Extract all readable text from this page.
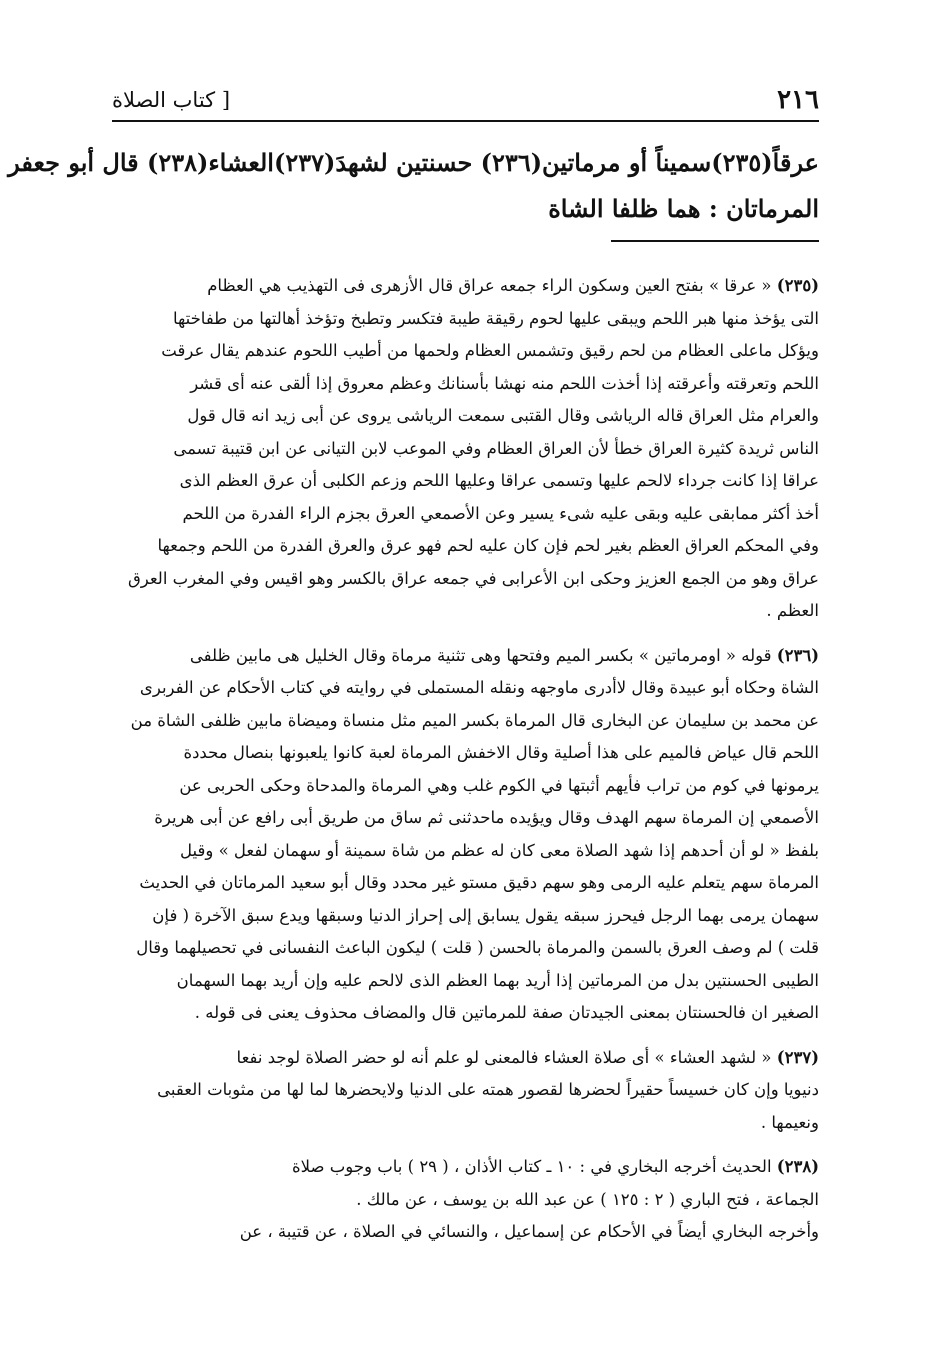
٢١٦
[ كتاب الصلاة
عرقاً(٢٣٥)سميناً أو مرماتين(٢٣٦) حسنتين لشهدَ(٢٣٧)العشاء(٢٣٨) قال أبو جعفر
المرماتان : هما ظلفا الشاة
(٢٣٥) « عرقا » بفتح العين وسكون الراء جمعه عراق قال الأزهرى فى التهذيب هي العظام
التى يؤخذ منها هبر اللحم ويبقى عليها لحوم رقيقة طيبة فتكسر وتطبخ وتؤخذ أهالتها من طفاختها
ويؤكل ماعلى العظام من لحم رقيق وتشمس العظام ولحمها من أطيب اللحوم عندهم يقال عرقت
اللحم وتعرقته وأعرقته إذا أخذت اللحم منه نهشا بأسنانك وعظم معروق إذا ألقى عنه أى قشر
والعرام مثل العراق قاله الرياشى وقال القتبى سمعت الرياشى يروى عن أبى زيد انه قال قول
الناس ثريدة كثيرة العراق خطأ لأن العراق العظام وفي الموعب لابن التيانى عن ابن قتيبة تسمى
عراقا إذا كانت جرداء لالحم عليها وتسمى عراقا وعليها اللحم وزعم الكلبى أن عرق العظم الذى
أخذ أكثر ممابقى عليه وبقى عليه شىء يسير وعن الأصمعي العرق بجزم الراء الفدرة من اللحم
وفي المحكم العراق العظم بغير لحم فإن كان عليه لحم فهو عرق والعرق الفدرة من اللحم وجمعها
عراق وهو من الجمع العزيز وحكى ابن الأعرابى في جمعه عراق بالكسر وهو اقيس وفي المغرب العرق
العظم .
(٢٣٦) قوله « اومرماتين » بكسر الميم وفتحها وهى تثنية مرماة وقال الخليل هى مابين ظلفى
الشاة وحكاه أبو عبيدة وقال لاأدرى ماوجهه ونقله المستملى في روايته في كتاب الأحكام عن الفربرى
عن محمد بن سليمان عن البخارى قال المرماة بكسر الميم مثل منساة وميضاة مابين ظلفى الشاة من
اللحم قال عياض فالميم على هذا أصلية وقال الاخفش المرماة لعبة كانوا يلعبونها بنصال محددة
يرمونها في كوم من تراب فأيهم أثبتها في الكوم غلب وهي المرماة والمدحاة وحكى الحربى عن
الأصمعي إن المرماة سهم الهدف وقال ويؤيده ماحدثنى ثم ساق من طريق أبى رافع عن أبى هريرة
بلفظ « لو أن أحدهم إذا شهد الصلاة معى كان له عظم من شاة سمينة أو سهمان لفعل » وقيل
المرماة سهم يتعلم عليه الرمى وهو سهم دقيق مستو غير محدد وقال أبو سعيد المرماتان في الحديث
سهمان يرمى بهما الرجل فيحرز سبقه يقول يسابق إلى إحراز الدنيا وسبقها ويدع سبق الآخرة ( فإن
قلت ) لم وصف العرق بالسمن والمرماة بالحسن ( قلت ) ليكون الباعث النفسانى في تحصيلهما وقال
الطيبى الحسنتين بدل من المرماتين إذا أريد بهما العظم الذى لالحم عليه وإن أريد بهما السهمان
الصغير ان فالحسنتان بمعنى الجيدتان صفة للمرماتين قال والمضاف محذوف يعنى فى قوله .
(٢٣٧) « لشهد العشاء » أى صلاة العشاء فالمعنى لو علم أنه لو حضر الصلاة لوجد نفعا
دنيويا وإن كان خسيساً حقيراً لحضرها لقصور همته على الدنيا ولايحضرها لما لها من مثوبات العقبى
ونعيمها .
(٢٣٨) الحديث أخرجه البخاري في : ١٠ ـ كتاب الأذان ، ( ٢٩ ) باب وجوب صلاة
الجماعة ، فتح الباري ( ٢ : ١٢٥ ) عن عبد الله بن يوسف ، عن مالك .
وأخرجه البخاري أيضاً في الأحكام عن إسماعيل ، والنسائي في الصلاة ، عن قتيبة ، عن
